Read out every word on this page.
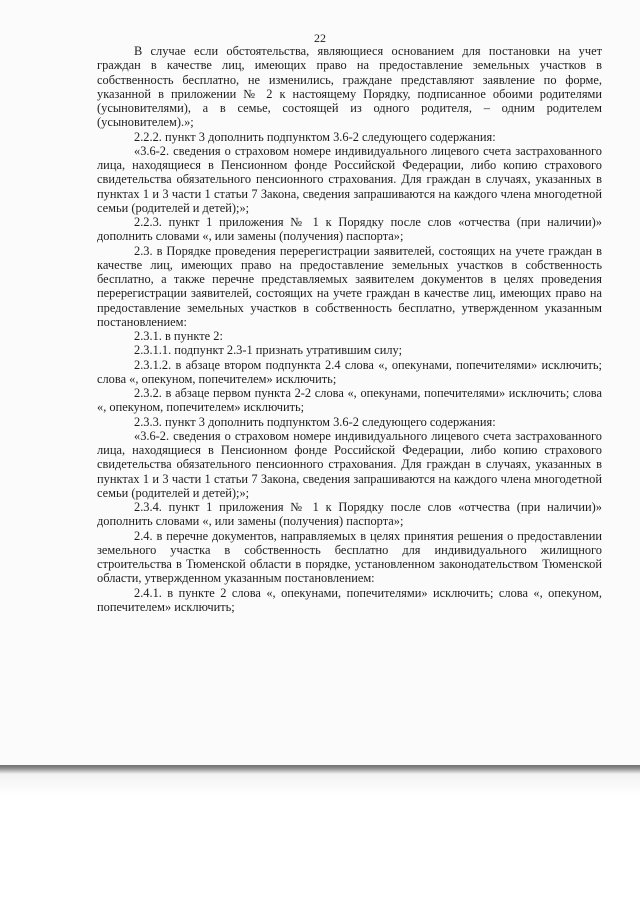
22

В случае если обстоятельства, являющиеся основанием для постановки на учет граждан в качестве лиц, имеющих право на предоставление земельных участков в собственность бесплатно, не изменились, граждане представляют заявление по форме, указанной в приложении № 2 к настоящему Порядку, подписанное обоими родителями (усыновителями), а в семье, состоящей из одного родителя, – одним родителем (усыновителем).»;

2.2.2. пункт 3 дополнить подпунктом 3.6-2 следующего содержания:

«3.6-2. сведения о страховом номере индивидуального лицевого счета застрахованного лица, находящиеся в Пенсионном фонде Российской Федерации, либо копию страхового свидетельства обязательного пенсионного страхования. Для граждан в случаях, указанных в пунктах 1 и 3 части 1 статьи 7 Закона, сведения запрашиваются на каждого члена многодетной семьи (родителей и детей);»;

2.2.3. пункт 1 приложения № 1 к Порядку после слов «отчества (при наличии)» дополнить словами «, или замены (получения) паспорта»;

2.3. в Порядке проведения перерегистрации заявителей, состоящих на учете граждан в качестве лиц, имеющих право на предоставление земельных участков в собственность бесплатно, а также перечне представляемых заявителем документов в целях проведения перерегистрации заявителей, состоящих на учете граждан в качестве лиц, имеющих право на предоставление земельных участков в собственность бесплатно, утвержденном указанным постановлением:

2.3.1. в пункте 2:

2.3.1.1. подпункт 2.3-1 признать утратившим силу;

2.3.1.2. в абзаце втором подпункта 2.4 слова «, опекунами, попечителями» исключить; слова «, опекуном, попечителем» исключить;

2.3.2. в абзаце первом пункта 2-2 слова «, опекунами, попечителями» исключить; слова «, опекуном, попечителем» исключить;

2.3.3. пункт 3 дополнить подпунктом 3.6-2 следующего содержания:

«3.6-2. сведения о страховом номере индивидуального лицевого счета застрахованного лица, находящиеся в Пенсионном фонде Российской Федерации, либо копию страхового свидетельства обязательного пенсионного страхования. Для граждан в случаях, указанных в пунктах 1 и 3 части 1 статьи 7 Закона, сведения запрашиваются на каждого члена многодетной семьи (родителей и детей);»;

2.3.4. пункт 1 приложения № 1 к Порядку после слов «отчества (при наличии)» дополнить словами «, или замены (получения) паспорта»;

2.4. в перечне документов, направляемых в целях принятия решения о предоставлении земельного участка в собственность бесплатно для индивидуального жилищного строительства в Тюменской области в порядке, установленном законодательством Тюменской области, утвержденном указанным постановлением:

2.4.1. в пункте 2 слова «, опекунами, попечителями» исключить; слова «, опекуном, попечителем» исключить;
